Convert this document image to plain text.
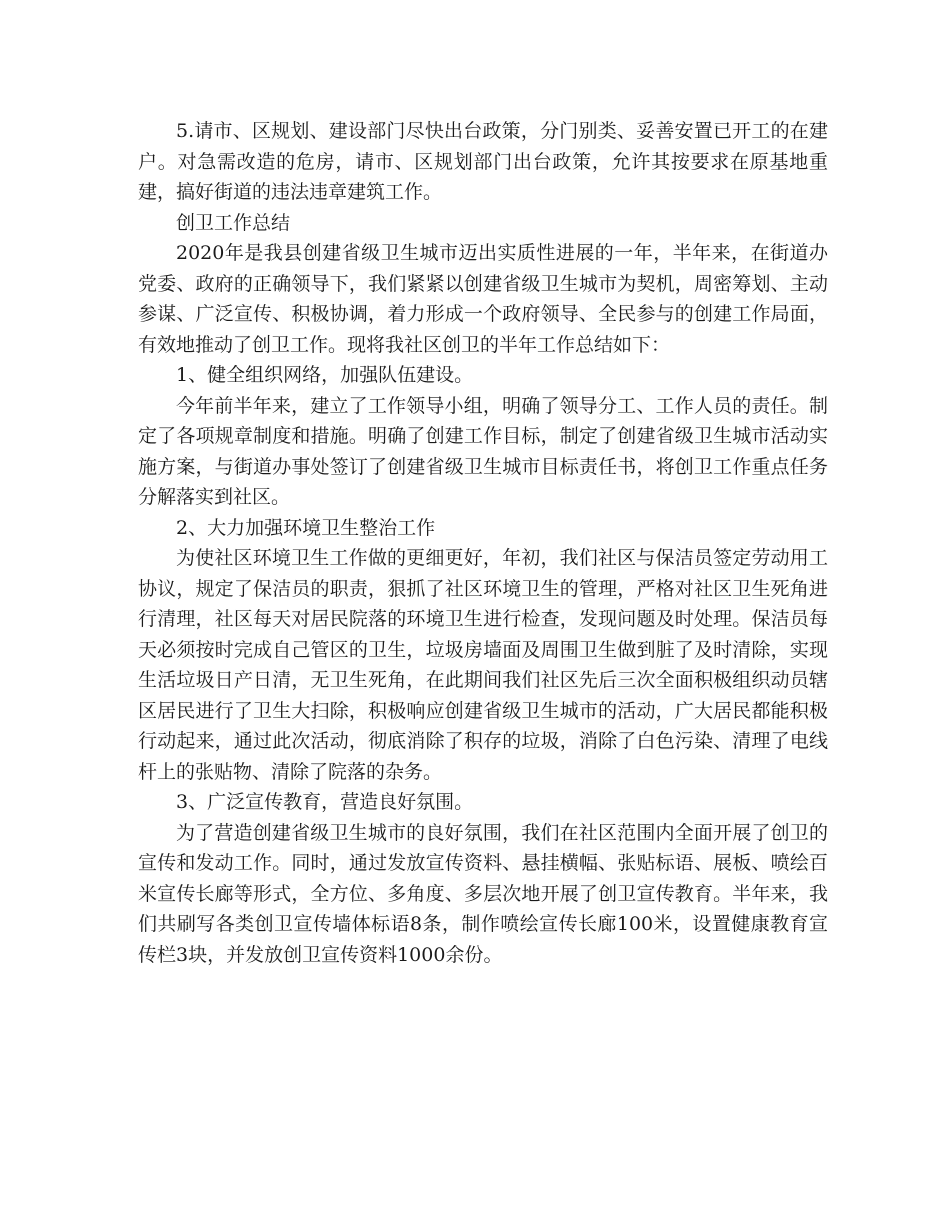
5.请市、区规划、建设部门尽快出台政策，分门别类、妥善安置已开工的在建户。对急需改造的危房，请市、区规划部门出台政策，允许其按要求在原基地重建，搞好街道的违法违章建筑工作。

创卫工作总结

2020年是我县创建省级卫生城市迈出实质性进展的一年，半年来，在街道办党委、政府的正确领导下，我们紧紧以创建省级卫生城市为契机，周密筹划、主动参谋、广泛宣传、积极协调，着力形成一个政府领导、全民参与的创建工作局面，有效地推动了创卫工作。现将我社区创卫的半年工作总结如下：

1、健全组织网络，加强队伍建设。

今年前半年来，建立了工作领导小组，明确了领导分工、工作人员的责任。制定了各项规章制度和措施。明确了创建工作目标，制定了创建省级卫生城市活动实施方案，与街道办事处签订了创建省级卫生城市目标责任书，将创卫工作重点任务分解落实到社区。

2、大力加强环境卫生整治工作

为使社区环境卫生工作做的更细更好，年初，我们社区与保洁员签定劳动用工协议，规定了保洁员的职责，狠抓了社区环境卫生的管理，严格对社区卫生死角进行清理，社区每天对居民院落的环境卫生进行检查，发现问题及时处理。保洁员每天必须按时完成自己管区的卫生，垃圾房墙面及周围卫生做到脏了及时清除，实现生活垃圾日产日清，无卫生死角，在此期间我们社区先后三次全面积极组织动员辖区居民进行了卫生大扫除，积极响应创建省级卫生城市的活动，广大居民都能积极行动起来，通过此次活动，彻底消除了积存的垃圾，消除了白色污染、清理了电线杆上的张贴物、清除了院落的杂务。

3、广泛宣传教育，营造良好氛围。

为了营造创建省级卫生城市的良好氛围，我们在社区范围内全面开展了创卫的宣传和发动工作。同时，通过发放宣传资料、悬挂横幅、张贴标语、展板、喷绘百米宣传长廊等形式，全方位、多角度、多层次地开展了创卫宣传教育。半年来，我们共刷写各类创卫宣传墙体标语8条，制作喷绘宣传长廊100米，设置健康教育宣传栏3块，并发放创卫宣传资料1000余份。
